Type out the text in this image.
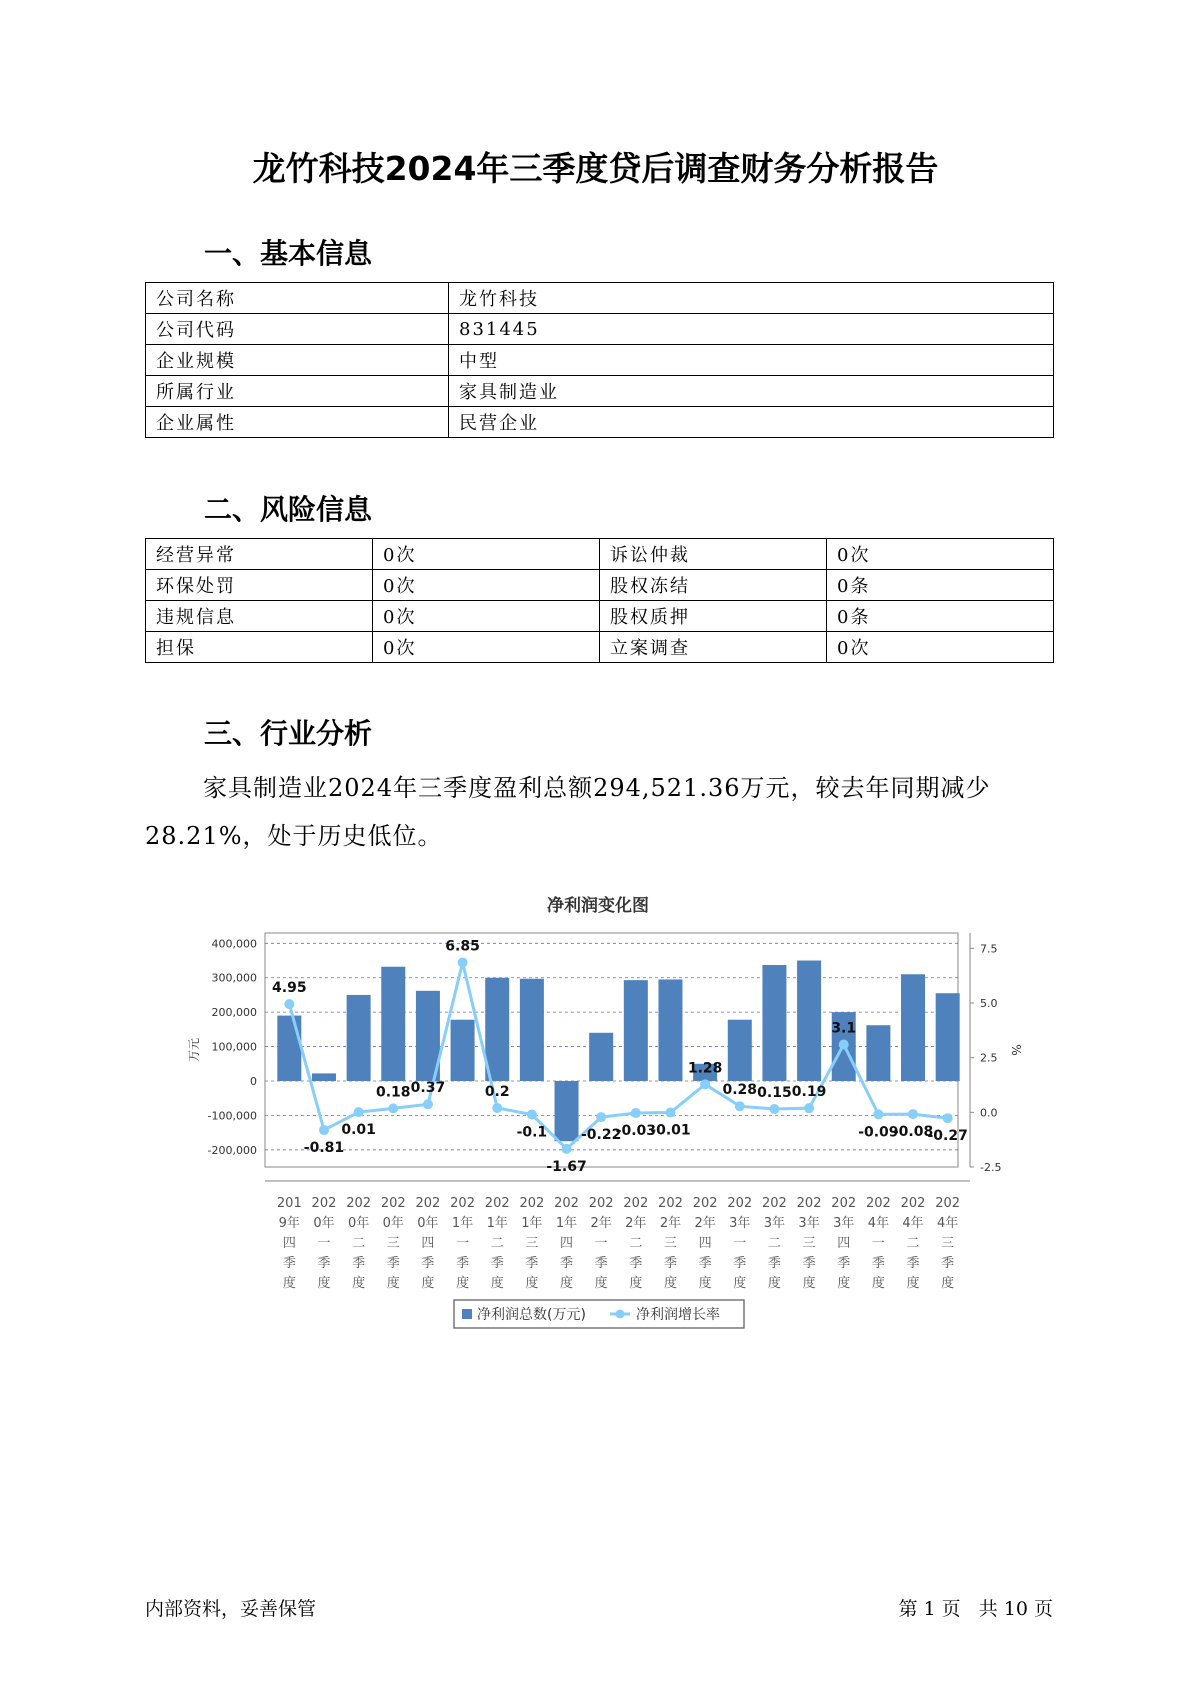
龙竹科技2024年三季度贷后调查财务分析报告
一、基本信息
公司名称	龙竹科技
公司代码	831445
企业规模	中型
所属行业	家具制造业
企业属性	民营企业
二、风险信息
经营异常	0次	诉讼仲裁	0次
环保处罚	0次	股权冻结	0条
违规信息	0次	股权质押	0条
担保	0次	立案调查	0次
三、行业分析

家具制造业2024年三季度盈利总额294,521.36万元，较去年同期减少28.21%，处于历史低位。

净利润变化图
400,000
300,000
200,000
100,000
0
-100,000
-200,000
7.5
5.0
2.5
0.0
-2.5
万元	%
4.95
-0.81
0.01
0.18 0.37
6.85
0.2
-0.1
-1.67
-0.22
-0.03
-0.01
1.28
0.28 0.15 0.19
3.1
-0.09
-0.08
-0.27
201 9年四季度
202 0年一季度
202 0年二季度
202 0年三季度
202 0年四季度
202 1年一季度
202 1年二季度
202 1年三季度
202 1年四季度
202 2年一季度
202 2年二季度
202 2年三季度
202 2年四季度
202 3年一季度
202 3年二季度
202 3年三季度
202 3年四季度
202 4年一季度
202 4年二季度
202 4年三季度
净利润总数(万元)	净利润增长率

内部资料，妥善保管	第 1 页   共 10 页
